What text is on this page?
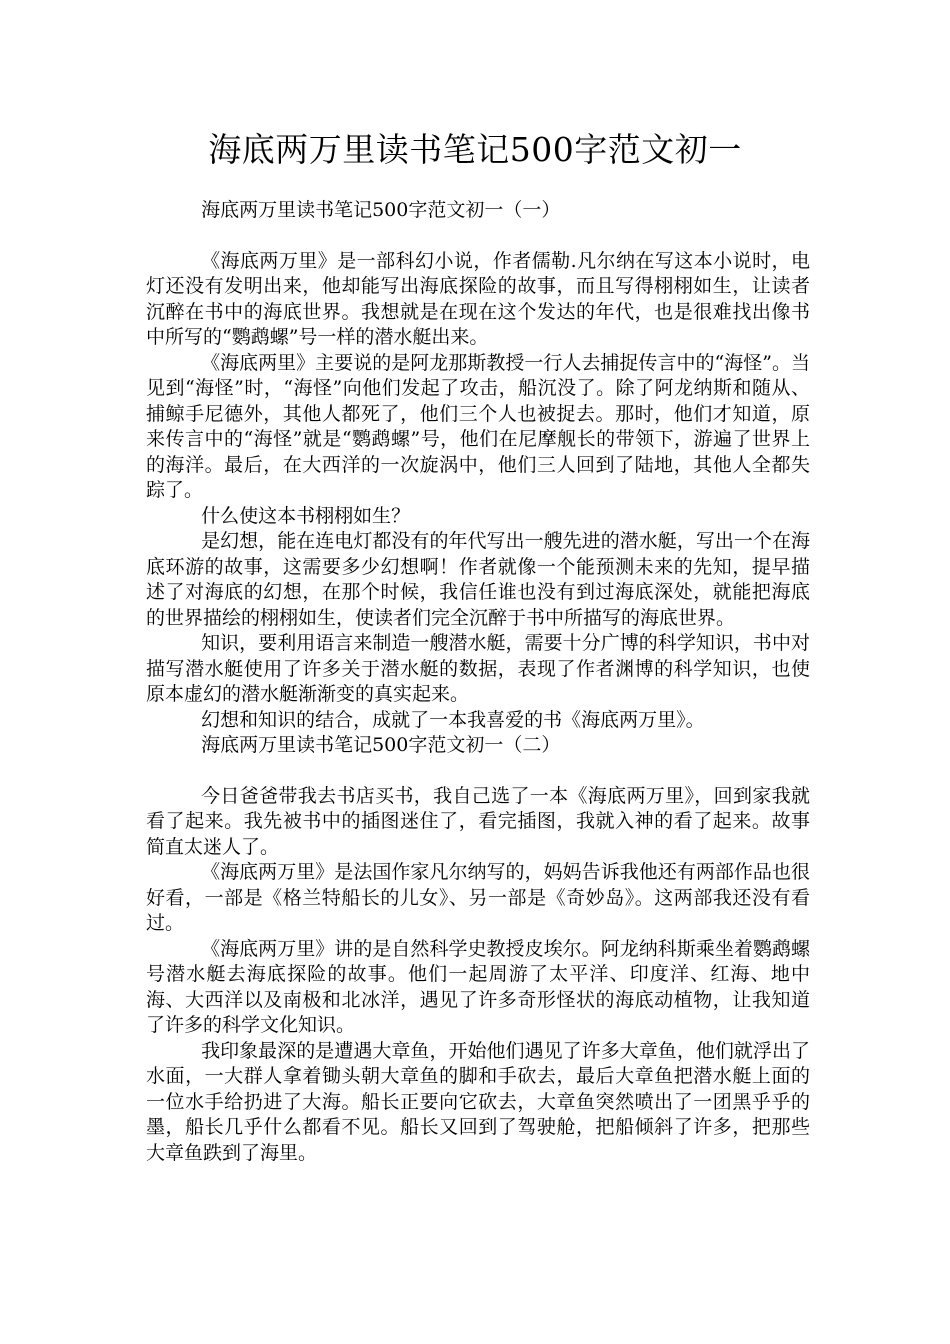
海底两万里读书笔记500字范文初一

海底两万里读书笔记500字范文初一（一）

《海底两万里》是一部科幻小说，作者儒勒.凡尔纳在写这本小说时，电灯还没有发明出来，他却能写出海底探险的故事，而且写得栩栩如生，让读者沉醉在书中的海底世界。我想就是在现在这个发达的年代，也是很难找出像书中所写的“鹦鹉螺”号一样的潜水艇出来。

《海底两里》主要说的是阿龙那斯教授一行人去捕捉传言中的“海怪”。当见到“海怪”时，“海怪”向他们发起了攻击，船沉没了。除了阿龙纳斯和随从、捕鲸手尼德外，其他人都死了，他们三个人也被捉去。那时，他们才知道，原来传言中的“海怪”就是“鹦鹉螺”号，他们在尼摩舰长的带领下，游遍了世界上的海洋。最后，在大西洋的一次旋涡中，他们三人回到了陆地，其他人全都失踪了。

什么使这本书栩栩如生？

是幻想，能在连电灯都没有的年代写出一艘先进的潜水艇，写出一个在海底环游的故事，这需要多少幻想啊！作者就像一个能预测未来的先知，提早描述了对海底的幻想，在那个时候，我信任谁也没有到过海底深处，就能把海底的世界描绘的栩栩如生，使读者们完全沉醉于书中所描写的海底世界。

知识，要利用语言来制造一艘潜水艇，需要十分广博的科学知识，书中对描写潜水艇使用了许多关于潜水艇的数据，表现了作者渊博的科学知识，也使原本虚幻的潜水艇渐渐变的真实起来。

幻想和知识的结合，成就了一本我喜爱的书《海底两万里》。

海底两万里读书笔记500字范文初一（二）

今日爸爸带我去书店买书，我自己选了一本《海底两万里》，回到家我就看了起来。我先被书中的插图迷住了，看完插图，我就入神的看了起来。故事简直太迷人了。

《海底两万里》是法国作家凡尔纳写的，妈妈告诉我他还有两部作品也很好看，一部是《格兰特船长的儿女》、另一部是《奇妙岛》。这两部我还没有看过。

《海底两万里》讲的是自然科学史教授皮埃尔。阿龙纳科斯乘坐着鹦鹉螺号潜水艇去海底探险的故事。他们一起周游了太平洋、印度洋、红海、地中海、大西洋以及南极和北冰洋，遇见了许多奇形怪状的海底动植物，让我知道了许多的科学文化知识。

我印象最深的是遭遇大章鱼，开始他们遇见了许多大章鱼，他们就浮出了水面，一大群人拿着锄头朝大章鱼的脚和手砍去，最后大章鱼把潜水艇上面的一位水手给扔进了大海。船长正要向它砍去，大章鱼突然喷出了一团黑乎乎的墨，船长几乎什么都看不见。船长又回到了驾驶舱，把船倾斜了许多，把那些大章鱼跌到了海里。
